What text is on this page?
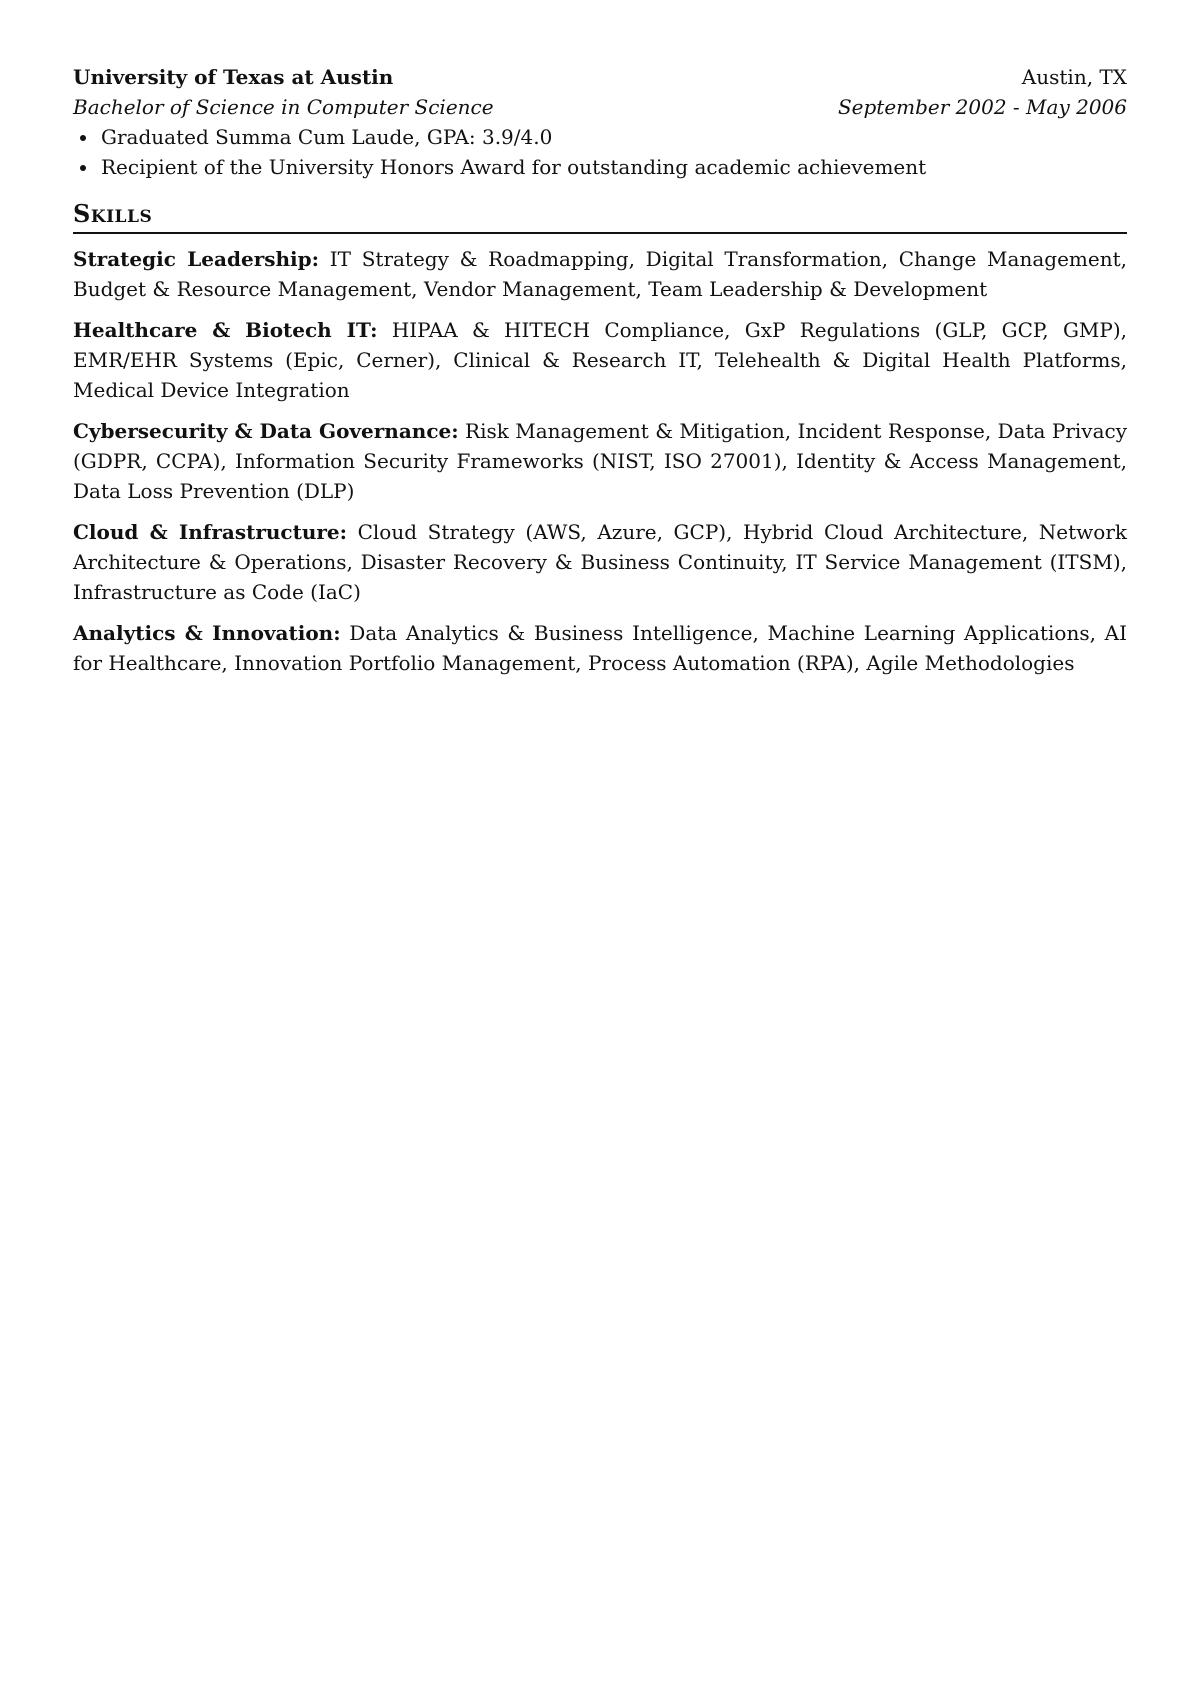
University of Texas at Austin	Austin, TX
Bachelor of Science in Computer Science	September 2002 - May 2006
Graduated Summa Cum Laude, GPA: 3.9/4.0
Recipient of the University Honors Award for outstanding academic achievement
Skills
Strategic Leadership: IT Strategy & Roadmapping, Digital Transformation, Change Management, Budget & Resource Management, Vendor Management, Team Leadership & Development
Healthcare & Biotech IT: HIPAA & HITECH Compliance, GxP Regulations (GLP, GCP, GMP), EMR/EHR Systems (Epic, Cerner), Clinical & Research IT, Telehealth & Digital Health Platforms, Medical Device Integration
Cybersecurity & Data Governance: Risk Management & Mitigation, Incident Response, Data Privacy (GDPR, CCPA), Information Security Frameworks (NIST, ISO 27001), Identity & Access Management, Data Loss Prevention (DLP)
Cloud & Infrastructure: Cloud Strategy (AWS, Azure, GCP), Hybrid Cloud Architecture, Network Architecture & Operations, Disaster Recovery & Business Continuity, IT Service Management (ITSM), Infrastructure as Code (IaC)
Analytics & Innovation: Data Analytics & Business Intelligence, Machine Learning Applications, AI for Healthcare, Innovation Portfolio Management, Process Automation (RPA), Agile Methodologies
